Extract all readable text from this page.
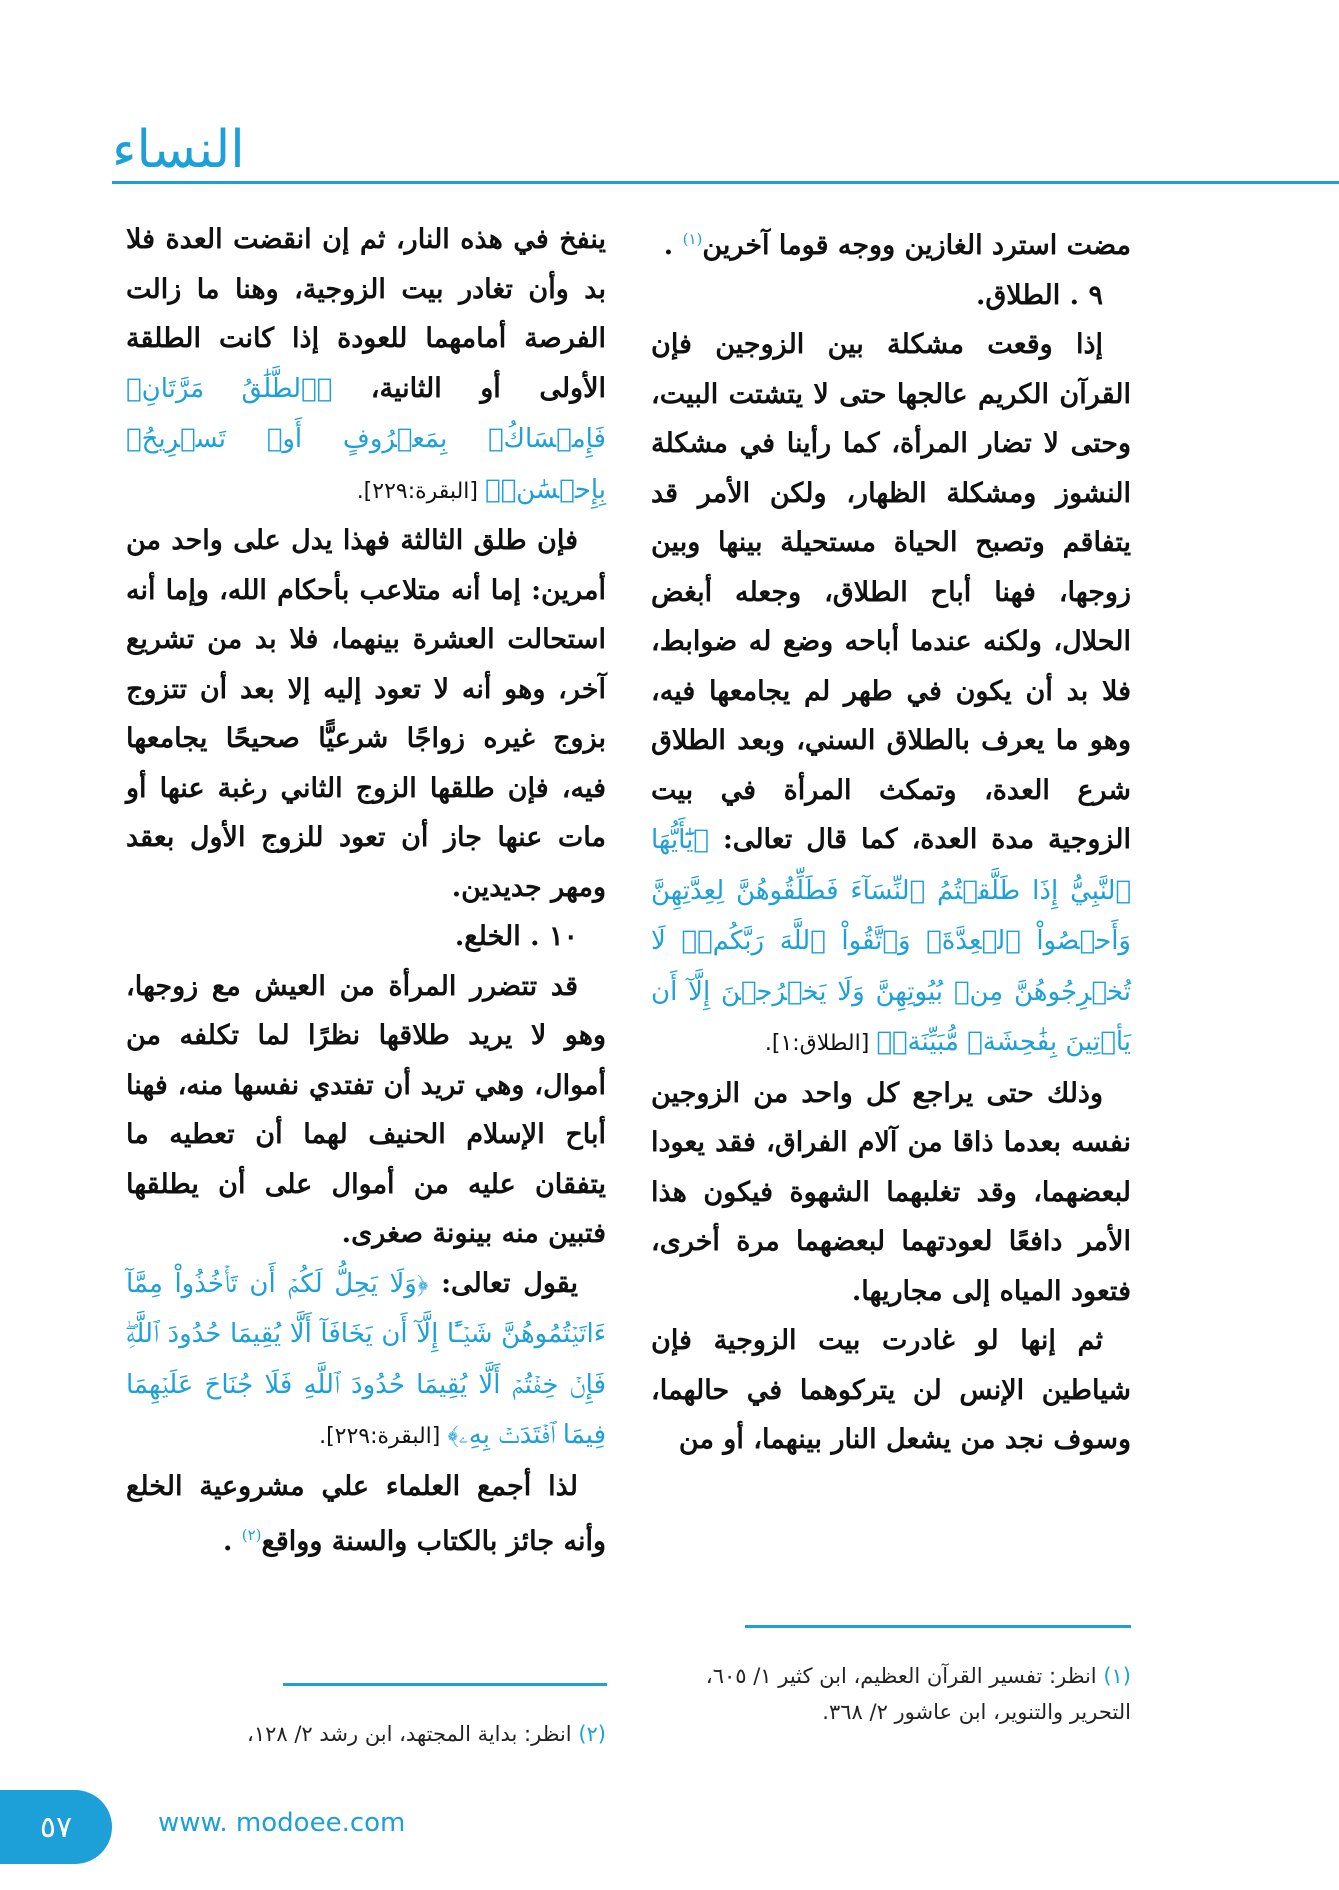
النساء

مضت استرد الغازين ووجه قوما آخرين$^{(١)}$ .

٩ . الطلاق.

إذا وقعت مشكلة بين الزوجين فإن القرآن الكريم عالجها حتى لا يتشتت البيت، وحتى لا تضار المرأة، كما رأينا في مشكلة النشوز ومشكلة الظهار، ولكن الأمر قد يتفاقم وتصبح الحياة مستحيلة بينها وبين زوجها، فهنا أباح الطلاق، وجعله أبغض الحلال، ولكنه عندما أباحه وضع له ضوابط، فلا بد أن يكون في طهر لم يجامعها فيه، وهو ما يعرف بالطلاق السني، وبعد الطلاق شرع العدة، وتمكث المرأة في بيت الزوجية مدة العدة، كما قال تعالى: ﴿يَٰٓأَيُّهَا ٱلنَّبِيُّ إِذَا طَلَّقۡتُمُ ٱلنِّسَآءَ فَطَلِّقُوهُنَّ لِعِدَّتِهِنَّ وَأَحۡصُواْ ٱلۡعِدَّةَۖ وَٱتَّقُواْ ٱللَّهَ رَبَّكُمۡۖ لَا تُخۡرِجُوهُنَّ مِنۢ بُيُوتِهِنَّ وَلَا يَخۡرُجۡنَ إِلَّآ أَن يَأۡتِينَ بِفَٰحِشَةٖ مُّبَيِّنَةٖ﴾ [الطلاق:١].

وذلك حتى يراجع كل واحد من الزوجين نفسه بعدما ذاقا من آلام الفراق، فقد يعودا لبعضهما، وقد تغلبهما الشهوة فيكون هذا الأمر دافعًا لعودتهما لبعضهما مرة أخرى، فتعود المياه إلى مجاريها.

ثم إنها لو غادرت بيت الزوجية فإن شياطين الإنس لن يتركوهما في حالهما، وسوف نجد من يشعل النار بينهما، أو من

ينفخ في هذه النار، ثم إن انقضت العدة فلا بد وأن تغادر بيت الزوجية، وهنا ما زالت الفرصة أمامهما للعودة إذا كانت الطلقة الأولى أو الثانية، ﴿ٱلطَّلَٰقُ مَرَّتَانِۖ فَإِمۡسَاكُۢ بِمَعۡرُوفٍ أَوۡ تَسۡرِيحُۢ بِإِحۡسَٰنٖ﴾ [البقرة:٢٢٩].

فإن طلق الثالثة فهذا يدل على واحد من أمرين: إما أنه متلاعب بأحكام الله، وإما أنه استحالت العشرة بينهما، فلا بد من تشريع آخر، وهو أنه لا تعود إليه إلا بعد أن تتزوج بزوج غيره زواجًا شرعيًّا صحيحًا يجامعها فيه، فإن طلقها الزوج الثاني رغبة عنها أو مات عنها جاز أن تعود للزوج الأول بعقد ومهر جديدين.

١٠ . الخلع.

قد تتضرر المرأة من العيش مع زوجها، وهو لا يريد طلاقها نظرًا لما تكلفه من أموال، وهي تريد أن تفتدي نفسها منه، فهنا أباح الإسلام الحنيف لهما أن تعطيه ما يتفقان عليه من أموال على أن يطلقها فتبين منه بينونة صغرى.

يقول تعالى: ﴿وَلَا يَحِلُّ لَكُمۡ أَن تَأۡخُذُواْ مِمَّآ ءَاتَيۡتُمُوهُنَّ شَيۡـًٔا إِلَّآ أَن يَخَافَآ أَلَّا يُقِيمَا حُدُودَ ٱللَّهِۖ فَإِنۡ خِفۡتُمۡ أَلَّا يُقِيمَا حُدُودَ ٱللَّهِ فَلَا جُنَاحَ عَلَيۡهِمَا فِيمَا ٱفۡتَدَتۡ بِهِۦ﴾ [البقرة:٢٢٩].

لذا أجمع العلماء علي مشروعية الخلع وأنه جائز بالكتاب والسنة وواقع$^{(٢)}$ .

(١) انظر: تفسير القرآن العظيم، ابن كثير ١/ ٦٠٥، التحرير والتنوير، ابن عاشور ٢/ ٣٦٨.
(٢) انظر: بداية المجتهد، ابن رشد ٢/ ١٢٨،
٥٧	www. modoee.com
